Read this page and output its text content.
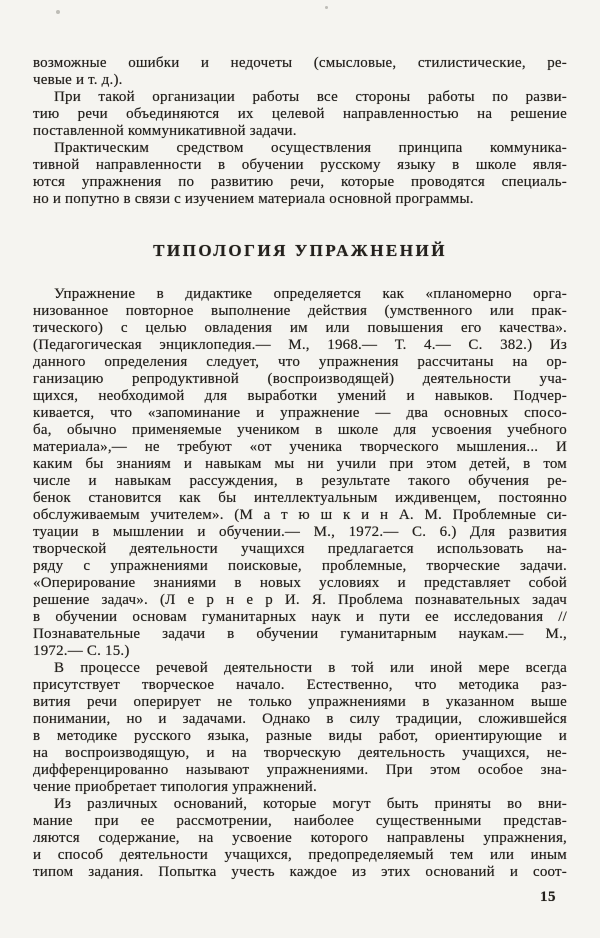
возможные ошибки и недочеты (смысловые, стилистические, ре-
чевые и т. д.).
При такой организации работы все стороны работы по разви-
тию речи объединяются их целевой направленностью на решение
поставленной коммуникативной задачи.
Практическим средством осуществления принципа коммуника-
тивной направленности в обучении русскому языку в школе явля-
ются упражнения по развитию речи, которые проводятся специаль-
но и попутно в связи с изучением материала основной программы.
ТИПОЛОГИЯ УПРАЖНЕНИЙ
Упражнение в дидактике определяется как «планомерно орга-
низованное повторное выполнение действия (умственного или прак-
тического) с целью овладения им или повышения его качества».
(Педагогическая энциклопедия.— М., 1968.— Т. 4.— С. 382.) Из
данного определения следует, что упражнения рассчитаны на ор-
ганизацию репродуктивной (воспроизводящей) деятельности уча-
щихся, необходимой для выработки умений и навыков. Подчер-
кивается, что «запоминание и упражнение — два основных спосо-
ба, обычно применяемые учеником в школе для усвоения учебного
материала»,— не требуют «от ученика творческого мышления... И
каким бы знаниям и навыкам мы ни учили при этом детей, в том
числе и навыкам рассуждения, в результате такого обучения ре-
бенок становится как бы интеллектуальным иждивенцем, постоянно
обслуживаемым учителем». (М а т ю ш к и н А. М. Проблемные си-
туации в мышлении и обучении.— М., 1972.— С. 6.) Для развития
творческой деятельности учащихся предлагается использовать на-
ряду с упражнениями поисковые, проблемные, творческие задачи.
«Оперирование знаниями в новых условиях и представляет собой
решение задач». (Л е р н е р И. Я. Проблема познавательных задач
в обучении основам гуманитарных наук и пути ее исследования //
Познавательные задачи в обучении гуманитарным наукам.— М.,
1972.— С. 15.)
В процессе речевой деятельности в той или иной мере всегда
присутствует творческое начало. Естественно, что методика раз-
вития речи оперирует не только упражнениями в указанном выше
понимании, но и задачами. Однако в силу традиции, сложившейся
в методике русского языка, разные виды работ, ориентирующие и
на воспроизводящую, и на творческую деятельность учащихся, не-
дифференцированно называют упражнениями. При этом особое зна-
чение приобретает типология упражнений.
Из различных оснований, которые могут быть приняты во вни-
мание при ее рассмотрении, наиболее существенными представ-
ляются содержание, на усвоение которого направлены упражнения,
и способ деятельности учащихся, предопределяемый тем или иным
типом задания. Попытка учесть каждое из этих оснований и соот-
15
